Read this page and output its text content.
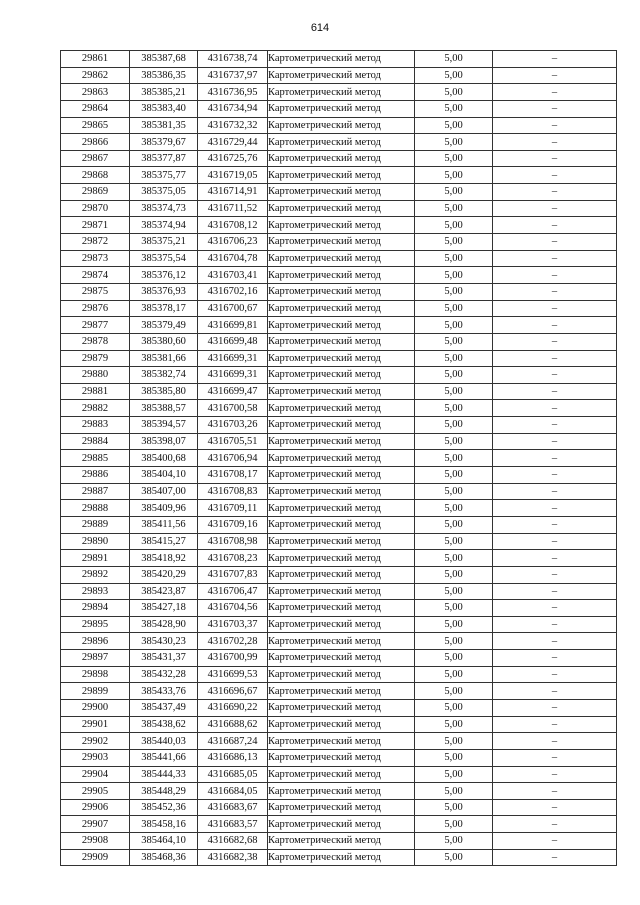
614
29861	385387,68	4316738,74	Картометрический метод	5,00	–
29862	385386,35	4316737,97	Картометрический метод	5,00	–
29863	385385,21	4316736,95	Картометрический метод	5,00	–
29864	385383,40	4316734,94	Картометрический метод	5,00	–
29865	385381,35	4316732,32	Картометрический метод	5,00	–
29866	385379,67	4316729,44	Картометрический метод	5,00	–
29867	385377,87	4316725,76	Картометрический метод	5,00	–
29868	385375,77	4316719,05	Картометрический метод	5,00	–
29869	385375,05	4316714,91	Картометрический метод	5,00	–
29870	385374,73	4316711,52	Картометрический метод	5,00	–
29871	385374,94	4316708,12	Картометрический метод	5,00	–
29872	385375,21	4316706,23	Картометрический метод	5,00	–
29873	385375,54	4316704,78	Картометрический метод	5,00	–
29874	385376,12	4316703,41	Картометрический метод	5,00	–
29875	385376,93	4316702,16	Картометрический метод	5,00	–
29876	385378,17	4316700,67	Картометрический метод	5,00	–
29877	385379,49	4316699,81	Картометрический метод	5,00	–
29878	385380,60	4316699,48	Картометрический метод	5,00	–
29879	385381,66	4316699,31	Картометрический метод	5,00	–
29880	385382,74	4316699,31	Картометрический метод	5,00	–
29881	385385,80	4316699,47	Картометрический метод	5,00	–
29882	385388,57	4316700,58	Картометрический метод	5,00	–
29883	385394,57	4316703,26	Картометрический метод	5,00	–
29884	385398,07	4316705,51	Картометрический метод	5,00	–
29885	385400,68	4316706,94	Картометрический метод	5,00	–
29886	385404,10	4316708,17	Картометрический метод	5,00	–
29887	385407,00	4316708,83	Картометрический метод	5,00	–
29888	385409,96	4316709,11	Картометрический метод	5,00	–
29889	385411,56	4316709,16	Картометрический метод	5,00	–
29890	385415,27	4316708,98	Картометрический метод	5,00	–
29891	385418,92	4316708,23	Картометрический метод	5,00	–
29892	385420,29	4316707,83	Картометрический метод	5,00	–
29893	385423,87	4316706,47	Картометрический метод	5,00	–
29894	385427,18	4316704,56	Картометрический метод	5,00	–
29895	385428,90	4316703,37	Картометрический метод	5,00	–
29896	385430,23	4316702,28	Картометрический метод	5,00	–
29897	385431,37	4316700,99	Картометрический метод	5,00	–
29898	385432,28	4316699,53	Картометрический метод	5,00	–
29899	385433,76	4316696,67	Картометрический метод	5,00	–
29900	385437,49	4316690,22	Картометрический метод	5,00	–
29901	385438,62	4316688,62	Картометрический метод	5,00	–
29902	385440,03	4316687,24	Картометрический метод	5,00	–
29903	385441,66	4316686,13	Картометрический метод	5,00	–
29904	385444,33	4316685,05	Картометрический метод	5,00	–
29905	385448,29	4316684,05	Картометрический метод	5,00	–
29906	385452,36	4316683,67	Картометрический метод	5,00	–
29907	385458,16	4316683,57	Картометрический метод	5,00	–
29908	385464,10	4316682,68	Картометрический метод	5,00	–
29909	385468,36	4316682,38	Картометрический метод	5,00	–
